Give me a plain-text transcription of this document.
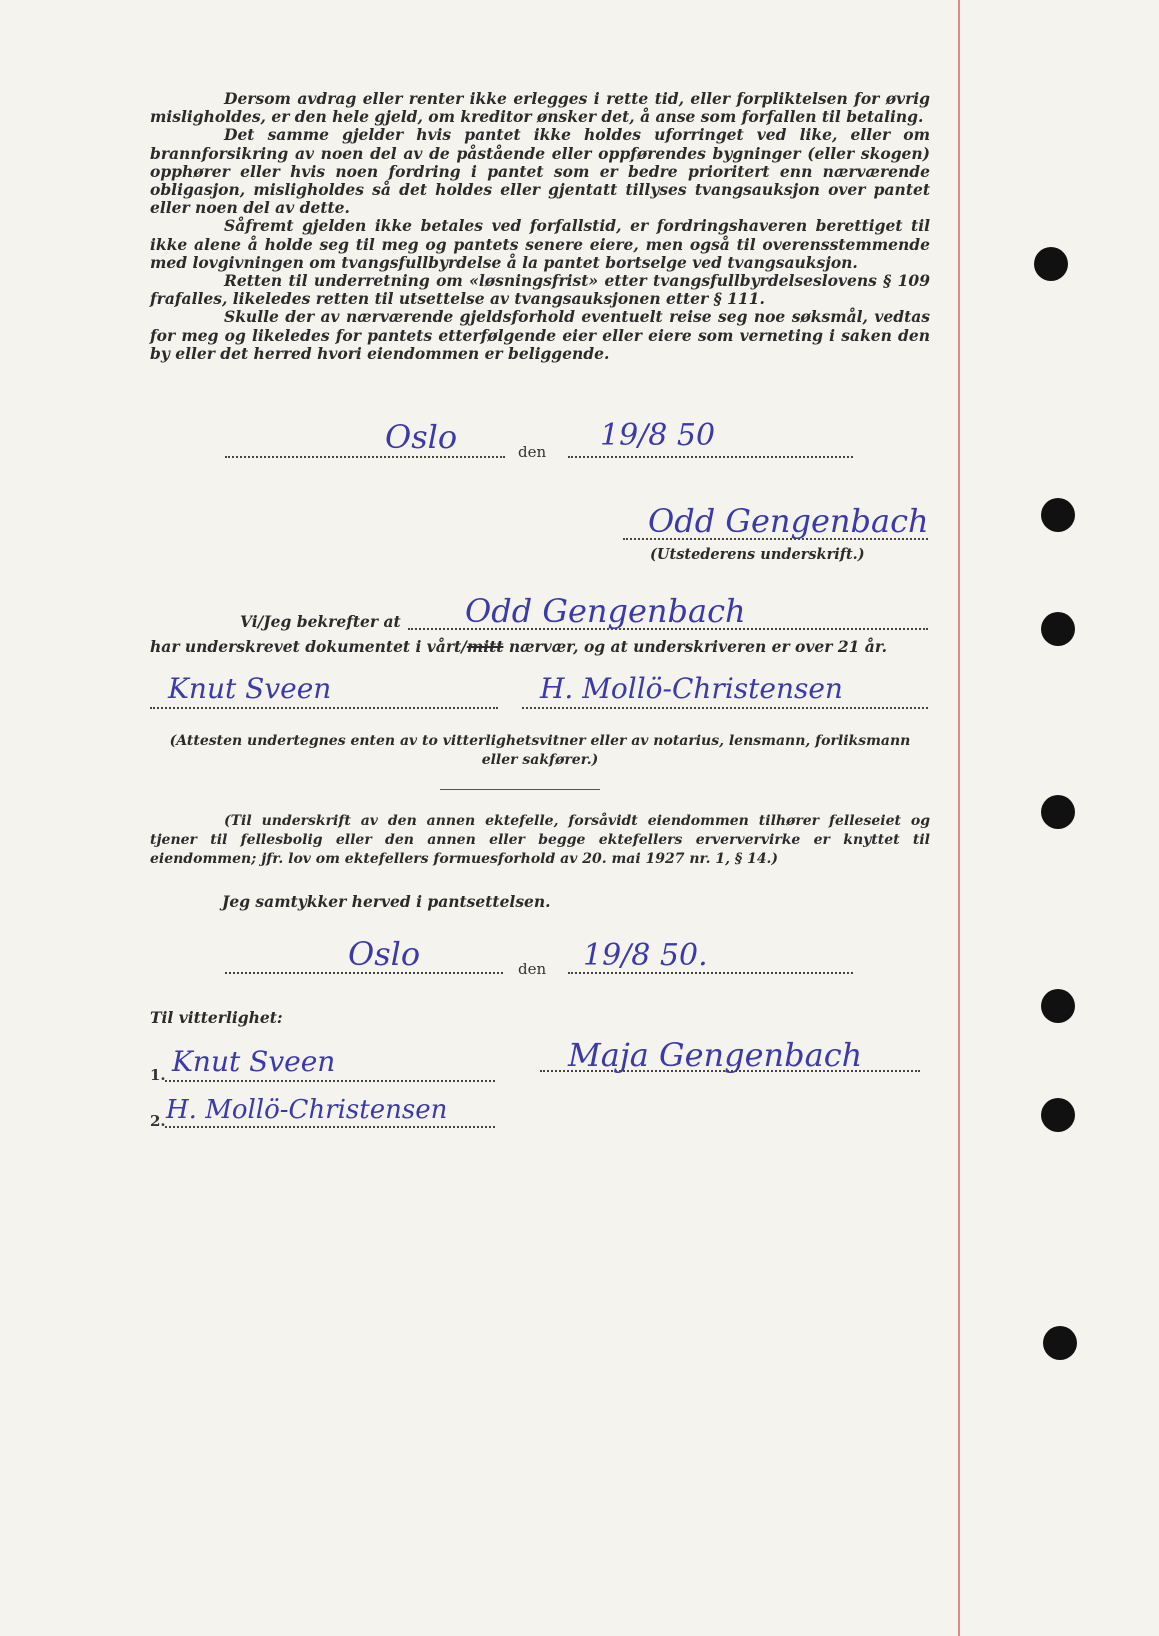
Dersom avdrag eller renter ikke erlegges i rette tid, eller forpliktelsen for øvrig misligholdes, er den hele gjeld, om kreditor ønsker det, å anse som forfallen til betaling.

Det samme gjelder hvis pantet ikke holdes uforringet ved like, eller om brannforsikring av noen del av de påstående eller oppførendes bygninger (eller skogen) opphører eller hvis noen fordring i pantet som er bedre prioritert enn nærværende obligasjon, misligholdes så det holdes eller gjentatt tillyses tvangsauksjon over pantet eller noen del av dette.

Såfremt gjelden ikke betales ved forfallstid, er fordringshaveren berettiget til ikke alene å holde seg til meg og pantets senere eiere, men også til overensstemmende med lovgivningen om tvangsfullbyrdelse å la pantet bortselge ved tvangsauksjon.

Retten til underretning om «løsningsfrist» etter tvangsfullbyrdelseslovens § 109 frafalles, likeledes retten til utsettelse av tvangsauksjonen etter § 111.

Skulle der av nærværende gjeldsforhold eventuelt reise seg noe søksmål, vedtas for meg og likeledes for pantets etterfølgende eier eller eiere som verneting i saken den by eller det herred hvori eiendommen er beliggende.

Oslo	den 19/8 50
Odd Gengenbach
(Utstederens underskrift.)
Vi/Jeg bekrefter at Odd Gengenbach
har underskrevet dokumentet i vårt/mitt nærvær, og at underskriveren er over 21 år.
Knut Sveen	H. Mollö-Christensen
(Attesten undertegnes enten av to vitterlighetsvitner eller av notarius, lensmann, forliksmann eller sakfører.)
(Til underskrift av den annen ektefelle, forsåvidt eiendommen tilhører felleseiet og tjener til fellesbolig eller den annen eller begge ektefellers erververvirke er knyttet til eiendommen; jfr. lov om ektefellers formuesforhold av 20. mai 1927 nr. 1, § 14.)
Jeg samtykker herved i pantsettelsen.
Oslo	den 19/8 50.
Til vitterlighet:
1. Knut Sveen
2. H. Mollö-Christensen
Maja Gengenbach
